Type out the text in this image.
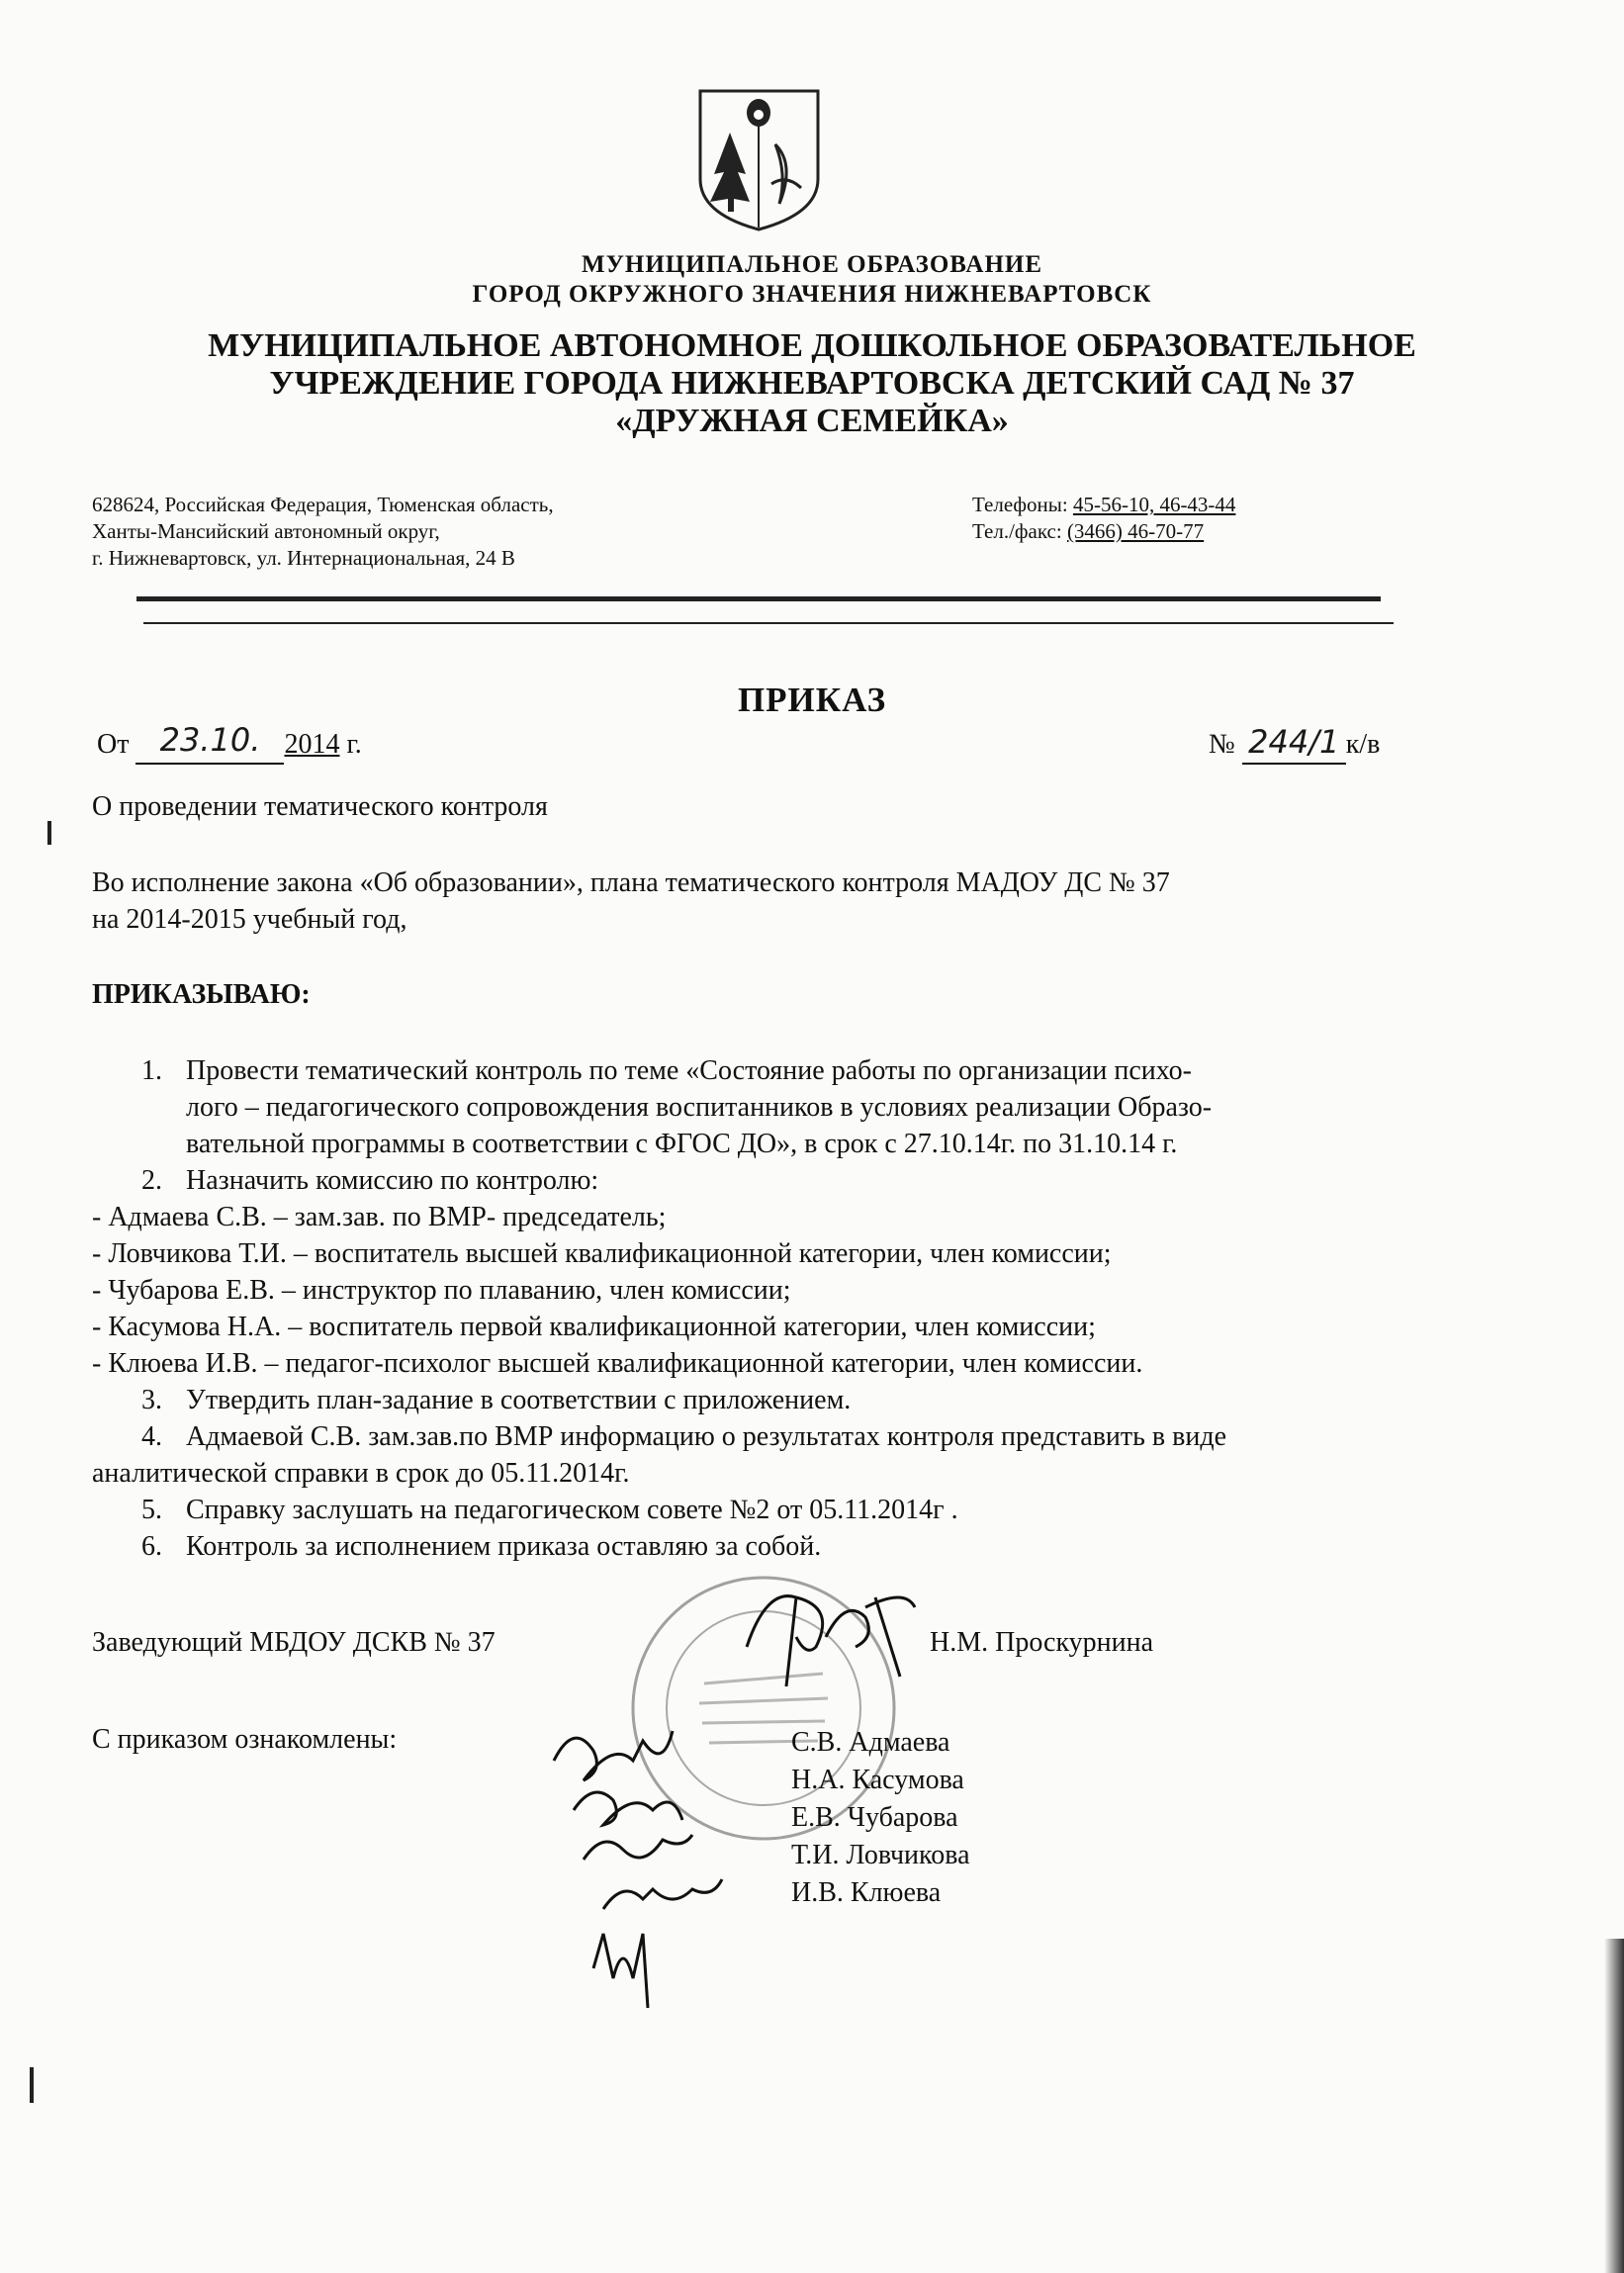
МУНИЦИПАЛЬНОЕ ОБРАЗОВАНИЕ
ГОРОД ОКРУЖНОГО ЗНАЧЕНИЯ НИЖНЕВАРТОВСК
МУНИЦИПАЛЬНОЕ АВТОНОМНОЕ ДОШКОЛЬНОЕ ОБРАЗОВАТЕЛЬНОЕ
УЧРЕЖДЕНИЕ ГОРОДА НИЖНЕВАРТОВСКА ДЕТСКИЙ САД № 37
«ДРУЖНАЯ СЕМЕЙКА»
628624, Российская Федерация, Тюменская область,
Ханты-Мансийский автономный округ,
г. Нижневартовск, ул. Интернациональная, 24 В
Телефоны: 45-56-10, 46-43-44
Тел./факс: (3466) 46-70-77
ПРИКАЗ
От 23.10. 2014 г.	№ 244/1 к/в
О проведении тематического контроля
Во исполнение закона «Об образовании», плана тематического контроля МАДОУ ДС № 37
на 2014-2015 учебный год,
ПРИКАЗЫВАЮ:
1. Провести тематический контроль по теме «Состояние работы по организации психо-
лого – педагогического сопровождения воспитанников в условиях реализации Образо-
вательной программы в соответствии с ФГОС ДО», в срок с 27.10.14г. по 31.10.14 г.
2. Назначить комиссию по контролю:
- Адмаева С.В. – зам.зав. по ВМР- председатель;
- Ловчикова Т.И. – воспитатель высшей квалификационной категории, член комиссии;
- Чубарова Е.В. – инструктор по плаванию, член комиссии;
- Касумова Н.А. – воспитатель первой квалификационной категории, член комиссии;
- Клюева И.В. – педагог-психолог высшей квалификационной категории, член комиссии.
3. Утвердить план-задание в соответствии с приложением.
4. Адмаевой С.В. зам.зав.по ВМР информацию о результатах контроля представить в виде
аналитической справки в срок до 05.11.2014г.
5. Справку заслушать на педагогическом совете №2 от 05.11.2014г .
6. Контроль за исполнением приказа оставляю за собой.
Заведующий МБДОУ ДСКВ № 37	Н.М. Проскурнина
С приказом ознакомлены:	С.В. Адмаева
Н.А. Касумова
Е.В. Чубарова
Т.И. Ловчикова
И.В. Клюева
